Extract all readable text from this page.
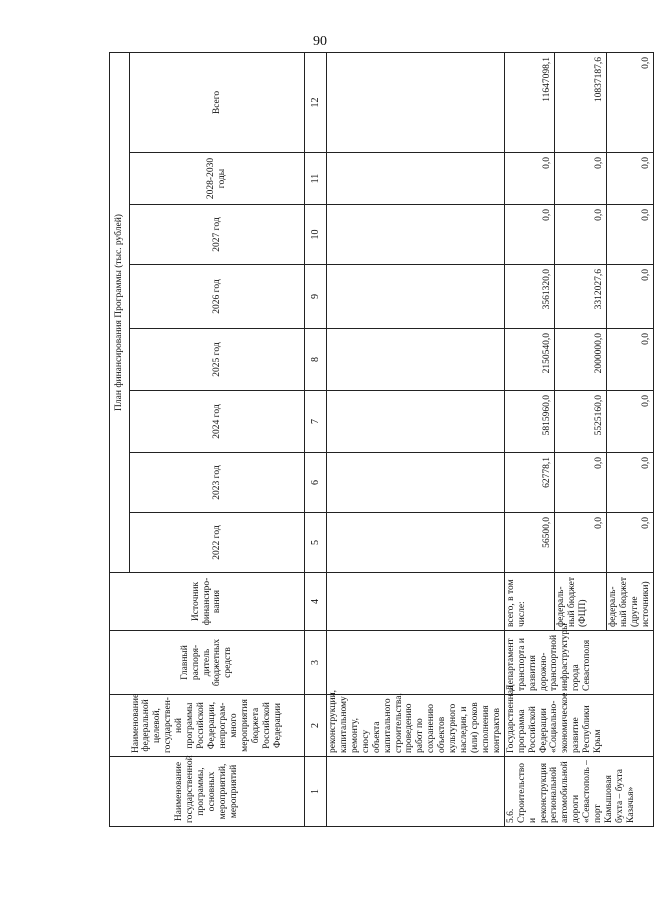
90
Наименование государственной программы, основных мероприятий, мероприятий	Наименование федеральной целевой, государствен-ной программы Российской Федерации, непрограм-много мероприятия бюджета Российской Федерации	Главный распоря-дитель бюджетных средств	Источник финансиро-вания	План финансирования Программы (тыс. рублей)							
				2022 год	2023 год	2024 год	2025 год	2026 год	2027 год	2028-2030 годы	Всего
1	2	3	4	5	6	7	8	9	10	11	12
	реконструкции, капитальному ремонту, сносу объекта капитального строительства, проведению работ по сохранению объектов культурного наследия, и (или) сроков исполнения контрактов										
5.6. Строительство и реконструкция региональной автомобильной дороги «Севастополь – порт Камышовая бухта – бухта Казачья»	Государственная программа Российской Федерации «Социально-экономическое развитие Республики Крым	Департамент транспорта и развития дорожно-транспортной инфраструктуры города Севастополя	всего, в том числе:	56500,0	62778,1	5815960,0	2150540,0	3561320,0	0,0	0,0	11647098,1
			федераль-ный бюджет (ФЦП)	0,0	0,0	5525160,0	2000000,0	3312027,6	0,0	0,0	10837187,6
			федераль-ный бюджет (другие источники)	0,0	0,0	0,0	0,0	0,0	0,0	0,0	0,0
